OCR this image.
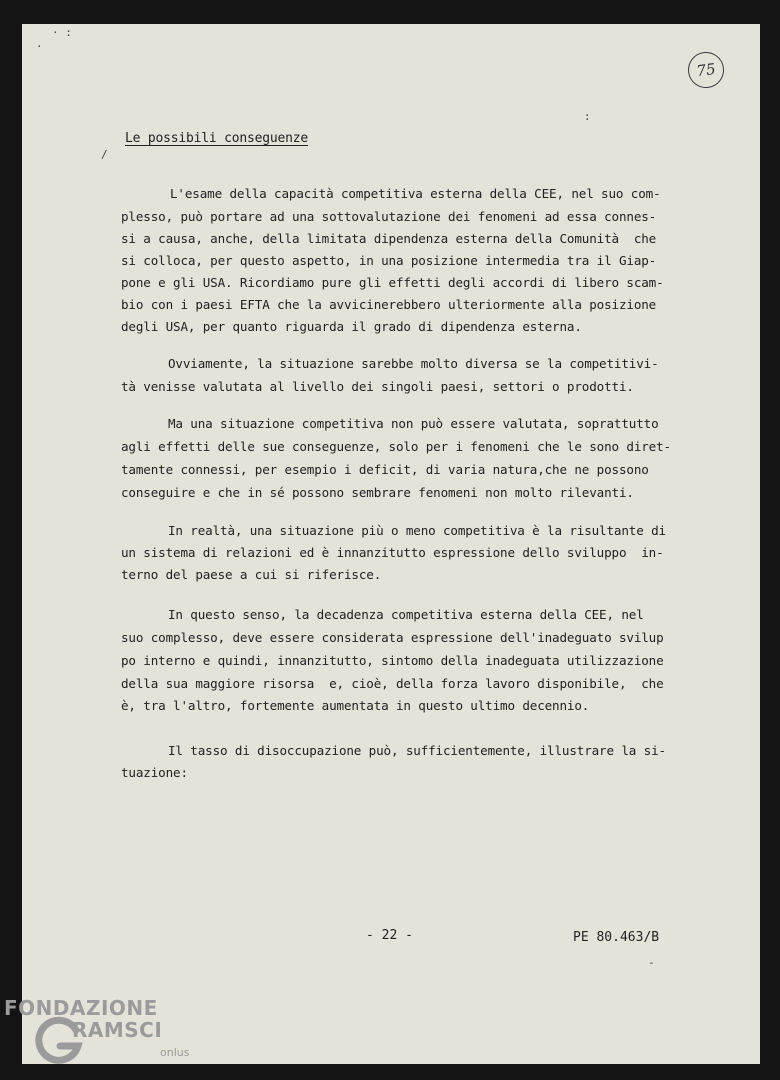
· :
·
/
:
75
Le possibili conseguenze
L'esame della capacità competitiva esterna della CEE, nel suo com-
plesso, può portare ad una sottovalutazione dei fenomeni ad essa connes-
si a causa, anche, della limitata dipendenza esterna della Comunità  che
si colloca, per questo aspetto, in una posizione intermedia tra il Giap-
pone e gli USA. Ricordiamo pure gli effetti degli accordi di libero scam-
bio con i paesi EFTA che la avvicinerebbero ulteriormente alla posizione
degli USA, per quanto riguarda il grado di dipendenza esterna.
Ovviamente, la situazione sarebbe molto diversa se la competitivi-
tà venisse valutata al livello dei singoli paesi, settori o prodotti.
Ma una situazione competitiva non può essere valutata, soprattutto
agli effetti delle sue conseguenze, solo per i fenomeni che le sono diret-
tamente connessi, per esempio i deficit, di varia natura,che ne possono
conseguire e che in sé possono sembrare fenomeni non molto rilevanti.
In realtà, una situazione più o meno competitiva è la risultante di
un sistema di relazioni ed è innanzitutto espressione dello sviluppo  in-
terno del paese a cui si riferisce.
In questo senso, la decadenza competitiva esterna della CEE, nel
suo complesso, deve essere considerata espressione dell'inadeguato svilup
po interno e quindi, innanzitutto, sintomo della inadeguata utilizzazione
della sua maggiore risorsa  e, cioè, della forza lavoro disponibile,  che
è, tra l'altro, fortemente aumentata in questo ultimo decennio.
Il tasso di disoccupazione può, sufficientemente, illustrare la si-
tuazione:
- 22 -	PE 80.463/B
-
FONDAZIONE
RAMSCI
onlus
